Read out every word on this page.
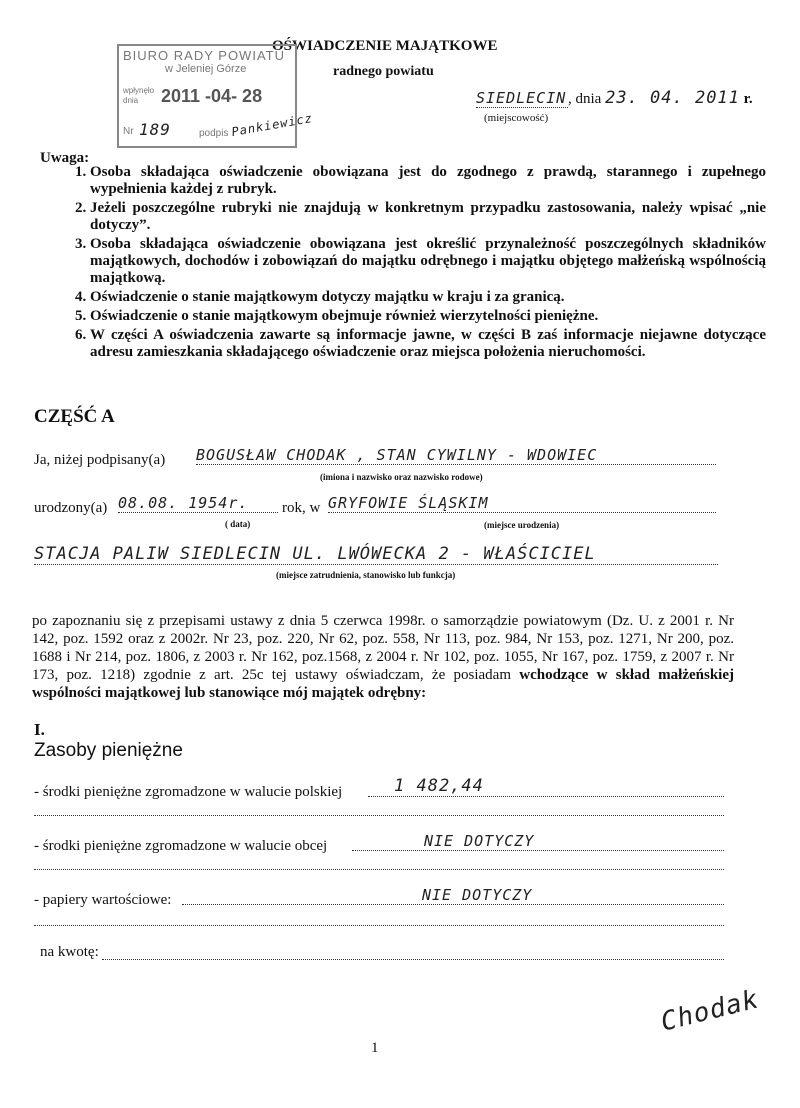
OŚWIADCZENIE MAJĄTKOWE
radnego powiatu
BIURO RADY POWIATU
w Jeleniej Górze
wpłynęło dnia	2011 -04- 28
Nr 189	podpis Pankiewicz
SIEDLECIN , dnia 23. 04. 2011 r.
(miejscowość)
Uwaga:
1. Osoba składająca oświadczenie obowiązana jest do zgodnego z prawdą, starannego i zupełnego wypełnienia każdej z rubryk.
2. Jeżeli poszczególne rubryki nie znajdują w konkretnym przypadku zastosowania, należy wpisać „nie dotyczy”.
3. Osoba składająca oświadczenie obowiązana jest określić przynależność poszczególnych składników majątkowych, dochodów i zobowiązań do majątku odrębnego i majątku objętego małżeńską wspólnością majątkową.
4. Oświadczenie o stanie majątkowym dotyczy majątku w kraju i za granicą.
5. Oświadczenie o stanie majątkowym obejmuje również wierzytelności pieniężne.
6. W części A oświadczenia zawarte są informacje jawne, w części B zaś informacje niejawne dotyczące adresu zamieszkania składającego oświadczenie oraz miejsca położenia nieruchomości.
CZĘŚĆ A
Ja, niżej podpisany(a) BOGUSŁAW CHODAK , STAN CYWILNY - WDOWIEC
(imiona i nazwisko oraz nazwisko rodowe)
urodzony(a) 08.08. 1954r.	rok, w GRYFOWIE ŚLĄSKIM
( data)	(miejsce urodzenia)
STACJA PALIW SIEDLECIN UL. LWÓWECKA 2 - WŁAŚCICIEL
(miejsce zatrudnienia, stanowisko lub funkcja)
po zapoznaniu się z przepisami ustawy z dnia 5 czerwca 1998r. o samorządzie powiatowym (Dz. U. z 2001 r. Nr 142, poz. 1592 oraz z 2002r. Nr 23, poz. 220, Nr 62, poz. 558, Nr 113, poz. 984, Nr 153, poz. 1271, Nr 200, poz. 1688 i Nr 214, poz. 1806, z 2003 r. Nr 162, poz.1568, z 2004 r. Nr 102, poz. 1055, Nr 167, poz. 1759, z 2007 r. Nr 173, poz. 1218) zgodnie z art. 25c tej ustawy oświadczam, że posiadam wchodzące w skład małżeńskiej wspólności majątkowej lub stanowiące mój majątek odrębny:
I.
Zasoby pieniężne
- środki pieniężne zgromadzone w walucie polskiej	1 482,44
- środki pieniężne zgromadzone w walucie obcej	NIE DOTYCZY
- papiery wartościowe:	NIE DOTYCZY
na kwotę:
1
Chodak
